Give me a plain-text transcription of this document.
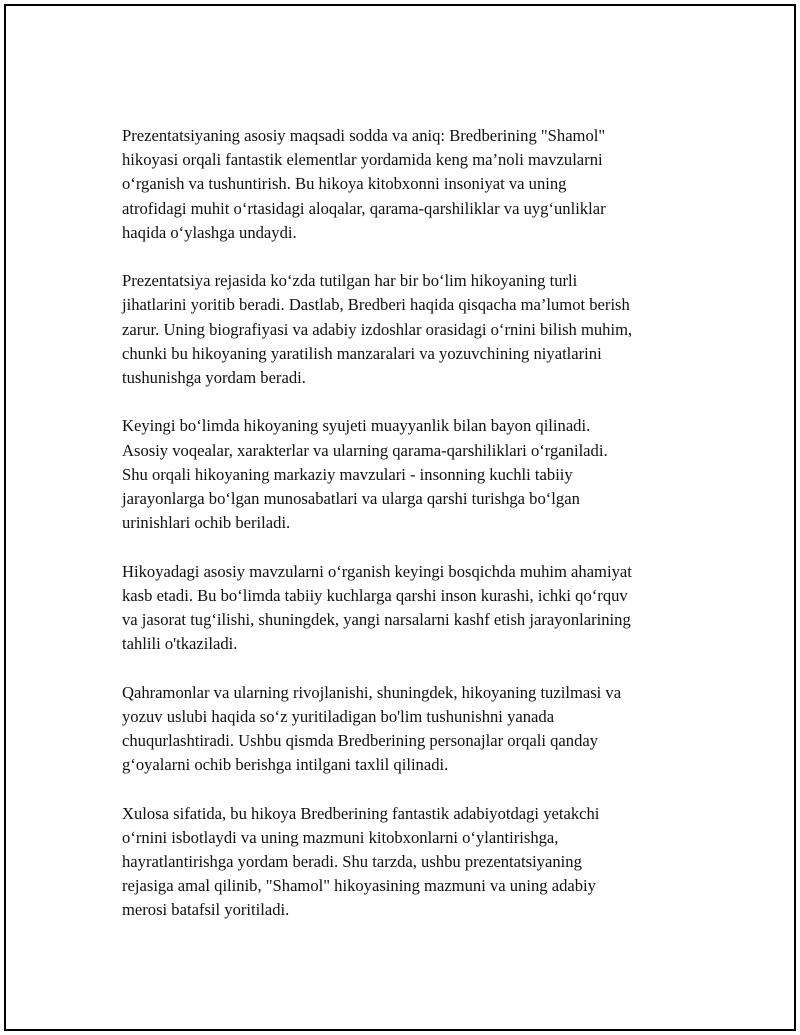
Prezentatsiyaning asosiy maqsadi sodda va aniq: Bredberining "Shamol"
hikoyasi orqali fantastik elementlar yordamida keng ma’noli mavzularni
o‘rganish va tushuntirish. Bu hikoya kitobxonni insoniyat va uning
atrofidagi muhit o‘rtasidagi aloqalar, qarama-qarshiliklar va uyg‘unliklar
haqida o‘ylashga undaydi.

Prezentatsiya rejasida ko‘zda tutilgan har bir bo‘lim hikoyaning turli
jihatlarini yoritib beradi. Dastlab, Bredberi haqida qisqacha ma’lumot berish
zarur. Uning biografiyasi va adabiy izdoshlar orasidagi o‘rnini bilish muhim,
chunki bu hikoyaning yaratilish manzaralari va yozuvchining niyatlarini
tushunishga yordam beradi.

Keyingi bo‘limda hikoyaning syujeti muayyanlik bilan bayon qilinadi.
Asosiy voqealar, xarakterlar va ularning qarama-qarshiliklari o‘rganiladi.
Shu orqali hikoyaning markaziy mavzulari - insonning kuchli tabiiy
jarayonlarga bo‘lgan munosabatlari va ularga qarshi turishga bo‘lgan
urinishlari ochib beriladi.

Hikoyadagi asosiy mavzularni o‘rganish keyingi bosqichda muhim ahamiyat
kasb etadi. Bu bo‘limda tabiiy kuchlarga qarshi inson kurashi, ichki qo‘rquv
va jasorat tug‘ilishi, shuningdek, yangi narsalarni kashf etish jarayonlarining
tahlili o'tkaziladi.

Qahramonlar va ularning rivojlanishi, shuningdek, hikoyaning tuzilmasi va
yozuv uslubi haqida so‘z yuritiladigan bo'lim tushunishni yanada
chuqurlashtiradi. Ushbu qismda Bredberining personajlar orqali qanday
g‘oyalarni ochib berishga intilgani taxlil qilinadi.

Xulosa sifatida, bu hikoya Bredberining fantastik adabiyotdagi yetakchi
o‘rnini isbotlaydi va uning mazmuni kitobxonlarni o‘ylantirishga,
hayratlantirishga yordam beradi. Shu tarzda, ushbu prezentatsiyaning
rejasiga amal qilinib, "Shamol" hikoyasining mazmuni va uning adabiy
merosi batafsil yoritiladi.
